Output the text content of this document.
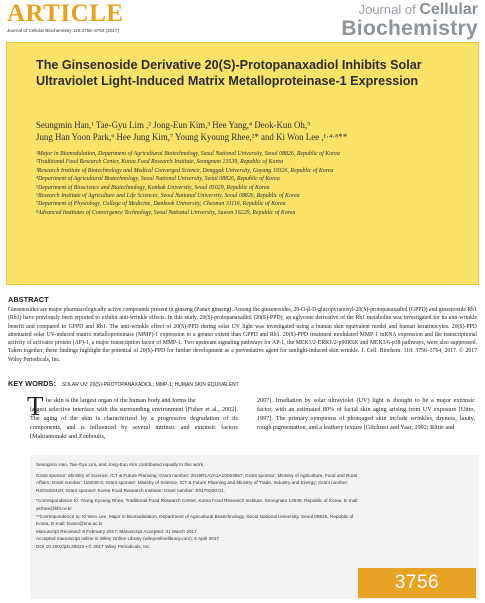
ARTICLE
Journal of Cellular Biochemistry 118:3756–3764 (2017)
Journal of Cellular
Biochemistry
The Ginsenoside Derivative 20(S)-Protopanaxadiol Inhibits Solar Ultraviolet Light-Induced Matrix Metalloproteinase-1 Expression
Seungmin Han,¹ Tae-Gyu Lim ,² Jong-Eun Kim,³ Hee Yang,⁴ Deok-Kun Oh,⁵
Jung Han Yoon Park,⁶ Hee Jung Kim,⁷ Young Kyoung Rhee,²* and Ki Won Lee ,¹·⁴·⁸**
¹Major in Biomodulation, Department of Agricultural Biotechnology, Seoul National University, Seoul 08826, Republic of Korea
²Traditional Food Research Center, Korea Food Research Institute, Seongnam 13539, Republic of Korea
³Research Institute of Biotechnology and Medical Converged Science, Dongguk University, Goyang 10326, Republic of Korea
⁴Department of Agricultural Biotechnology, Seoul National University, Seoul 08826, Republic of Korea
⁵Department of Bioscience and Biotechnology, Konkuk University, Seoul 05029, Republic of Korea
⁶Research Institute of Agriculture and Life Sciences, Seoul National University, Seoul 08826, Republic of Korea
⁷Department of Physiology, College of Medicine, Dankook University, Cheonan 31116, Republic of Korea
⁸Advanced Institutes of Convergence Technology, Seoul National University, Suwon 16229, Republic of Korea
ABSTRACT
Ginsenosides are major pharmacologically active compounds present in ginseng (Panax ginseng). Among the ginsenosides, 20-O-β-D-glucopyranosyl-20(S)-protopanaxadiol (GPPD) and ginsenoside Rb1 (Rb1) have previously been reported to exhibit anti-wrinkle effects. In this study, 20(S)-protopanaxadiol (20(S)-PPD), an aglycone derivative of the Rb1 metabolite was investigated for its anti-wrinkle benefit and compared to GPPD and Rb1. The anti-wrinkle effect of 20(S)-PPD during solar UV light was investigated using a human skin equivalent model and human keratinocytes. 20(S)-PPD attenuated solar UV-induced matrix metalloproteinase (MMP)-1 expression to a greater extent than GPPD and Rb1. 20(S)-PPD treatment modulated MMP-1 mRNA expression and the transcriptional activity of activator protein (AP)-1, a major transcription factor of MMP-1. Two upstream signaling pathways for AP-1, the MEK1/2-ERK1/2-p90RSK and MEK3/6-p38 pathways, were also suppressed. Taken together, these findings highlight the potential of 20(S)-PPD for further development as a preventative agent for sunlight-induced skin wrinkle. J. Cell. Biochem. 118: 3756–3764, 2017. © 2017 Wiley Periodicals, Inc.
KEY WORDS: SOLAR UV; 20(S)-PROTOPANAXADIOL; MMP-1; HUMAN SKIN EQUIVALENT
T he skin is the largest organ of the human body and forms the
largest selective interface with the surrounding environment [Fisher et al., 2002]. The aging of the skin is characterized by a progressive degradation of its components, and is influenced by several intrinsic and extrinsic factors [Makrantonaki and Zouboulis,
2007]. Irradiation by solar ultraviolet (UV) light is thought to be a major extrinsic factor, with an estimated 80% of facial skin aging arising from UV exposure [Uitto, 1997]. The primary symptoms of photoaged skin include wrinkles, dryness, laxity, rough pigmentation, and a leathery texture [Gilchrest and Yaar, 1992; Rittie and
Seungmin Han, Tae-Gyu Lim, and Jong-Eun Kim contributed equally to this work.
Grant sponsor: Ministry of Science, ICT & Future Planning; Grant number: 2015R1A2A1A10053567; Grant sponsor: Ministry of Agriculture, Food and Rural Affairs; Grant number: 116030-3; Grant sponsor: Ministry of Science, ICT & Future Planning and Ministry of Trade, Industry and Energy; Grant number: R201602410; Grant sponsor: Korea Food Research Institute; Grant number: E0170200-01.
*Correspondence to: Young Kyoung Rhee, Traditional Food Research Center, Korea Food Research Institute, Seongnam 13539, Republic of Korea. E-mail: ykrhee@kfri.re.kr
**Correspondence to: Ki Won Lee, Major in Biomodulation, Department of Agricultural Biotechnology, Seoul National University, Seoul 08826, Republic of Korea. E-mail: kiwon@snu.ac.kr
Manuscript Received: 8 February 2017; Manuscript Accepted: 31 March 2017
Accepted manuscript online in Wiley Online Library (wileyonlinelibrary.com): 5 April 2017
DOI 10.1002/jcb.26023 • © 2017 Wiley Periodicals, Inc.
3756
